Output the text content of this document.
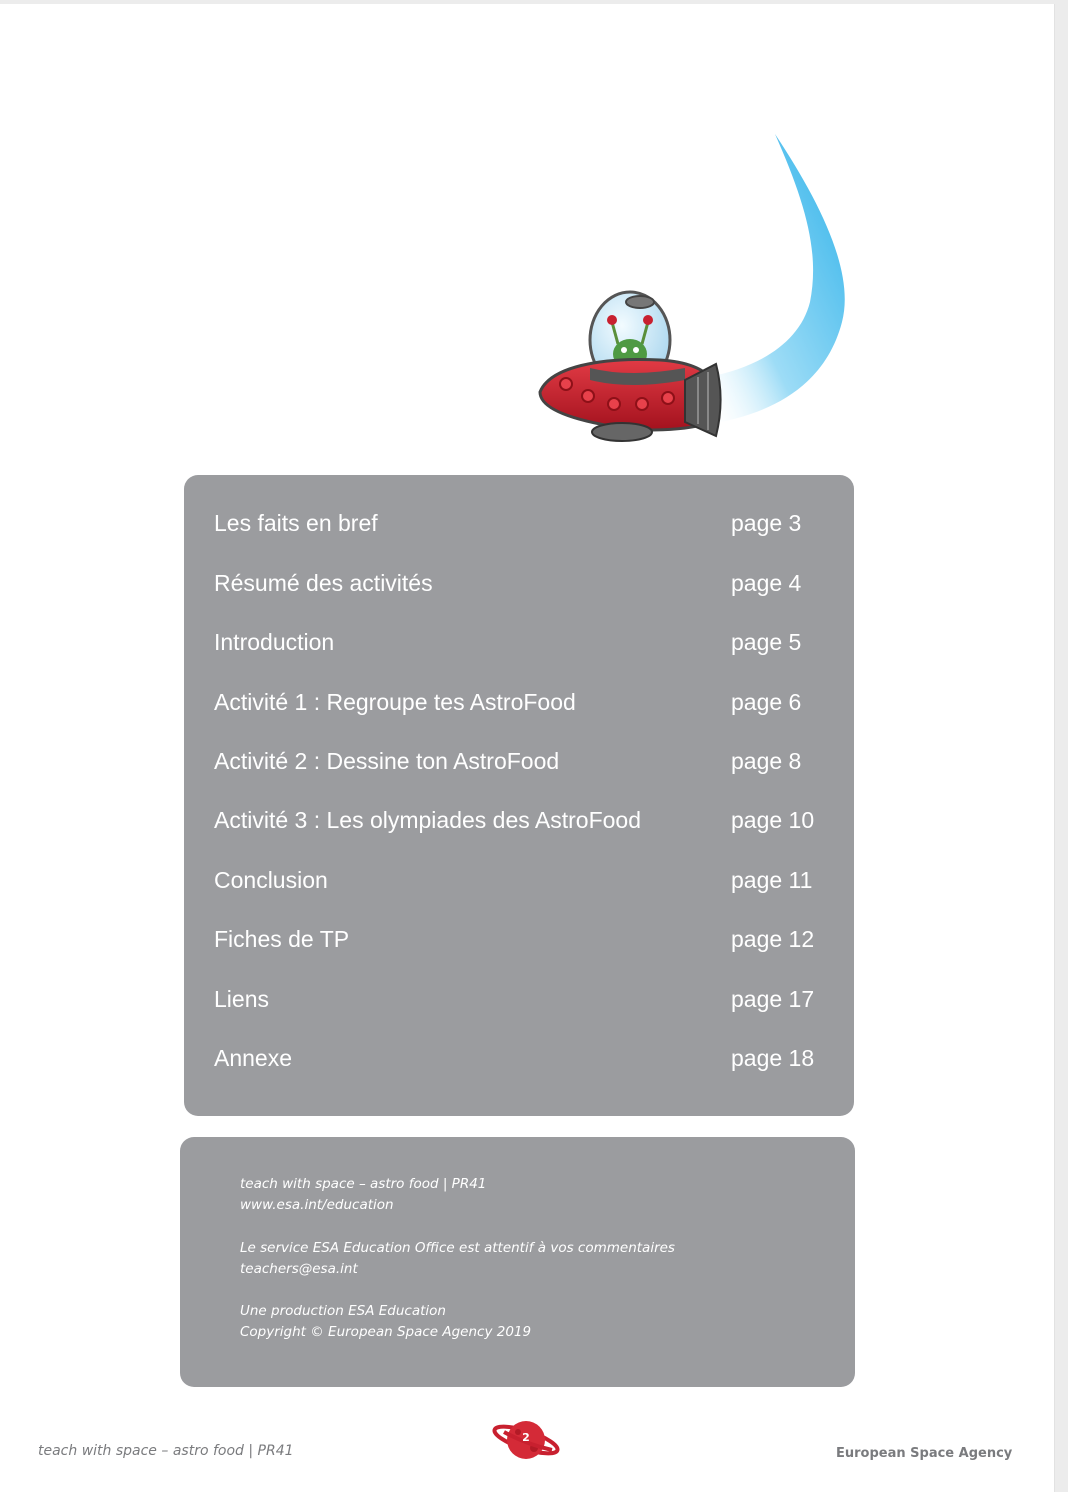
Les faits en bref	page 3
Résumé des activités	page 4
Introduction	page 5
Activité 1 : Regroupe tes AstroFood	page 6
Activité 2 : Dessine ton AstroFood	page 8
Activité 3 : Les olympiades des AstroFood	page 10
Conclusion	page 11
Fiches de TP	page 12
Liens	page 17
Annexe	page 18
teach with space – astro food | PR41
www.esa.int/education
Le service ESA Education Office est attentif à vos commentaires
teachers@esa.int
Une production ESA Education
Copyright © European Space Agency 2019
teach with space – astro food | PR41
2
European Space Agency
